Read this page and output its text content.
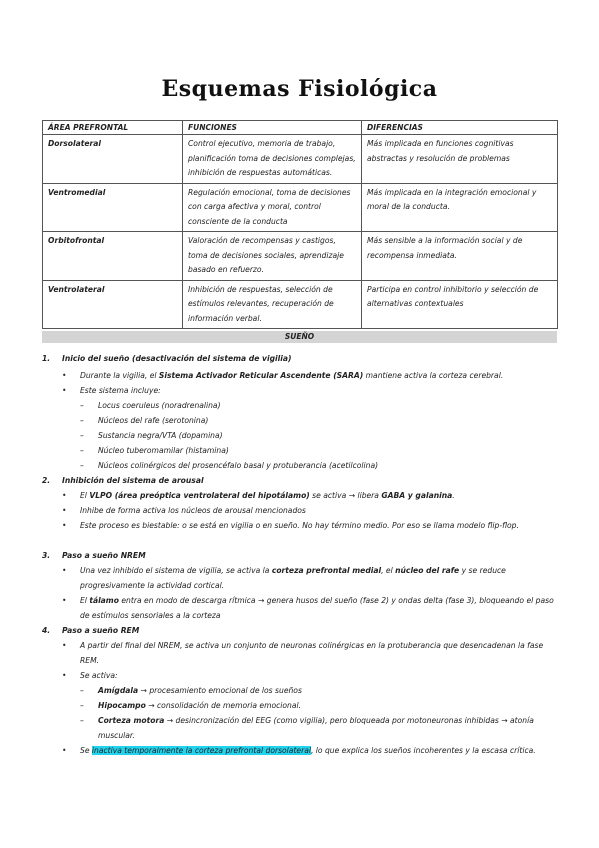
Esquemas Fisiológica
ÁREA PREFRONTAL	FUNCIONES	DIFERENCIAS
Dorsolateral	Control ejecutivo, memoria de trabajo, planificación toma de decisiones complejas, inhibición de respuestas automáticas.	Más implicada en funciones cognitivas abstractas y resolución de problemas
Ventromedial	Regulación emocional, toma de decisiones con carga afectiva y moral, control consciente de la conducta	Más implicada en la integración emocional y moral de la conducta.
Orbitofrontal	Valoración de recompensas y castigos, toma de decisiones sociales, aprendizaje basado en refuerzo.	Más sensible a la información social y de recompensa inmediata.
Ventrolateral	Inhibición de respuestas, selección de estímulos relevantes, recuperación de información verbal.	Participa en control inhibitorio y selección de alternativas contextuales
SUEÑO
1. Inicio del sueño (desactivación del sistema de vigilia)
• Durante la vigilia, el Sistema Activador Reticular Ascendente (SARA) mantiene activa la corteza cerebral.
• Este sistema incluye:
– Locus coeruleus (noradrenalina)
– Núcleos del rafe (serotonina)
– Sustancia negra/VTA (dopamina)
– Núcleo tuberomamilar (histamina)
– Núcleos colinérgicos del prosencéfalo basal y protuberancia (acetilcolina)
2. Inhibición del sistema de arousal
• El VLPO (área preóptica ventrolateral del hipotálamo) se activa → libera GABA y galanina.
• Inhibe de forma activa los núcleos de arousal mencionados
• Este proceso es biestable: o se está en vigilia o en sueño. No hay término medio. Por eso se llama modelo flip-flop.
3. Paso a sueño NREM
• Una vez inhibido el sistema de vigilia, se activa la corteza prefrontal medial, el núcleo del rafe y se reduce progresivamente la actividad cortical.
• El tálamo entra en modo de descarga rítmica → genera husos del sueño (fase 2) y ondas delta (fase 3), bloqueando el paso de estímulos sensoriales a la corteza
4. Paso a sueño REM
• A partir del final del NREM, se activa un conjunto de neuronas colinérgicas en la protuberancia que desencadenan la fase REM.
• Se activa:
– Amígdala → procesamiento emocional de los sueños
– Hipocampo → consolidación de memoria emocional.
– Corteza motora → desincronización del EEG (como vigilia), pero bloqueada por motoneuronas inhibidas → atonía muscular.
• Se inactiva temporalmente la corteza prefrontal dorsolateral, lo que explica los sueños incoherentes y la escasa crítica.
